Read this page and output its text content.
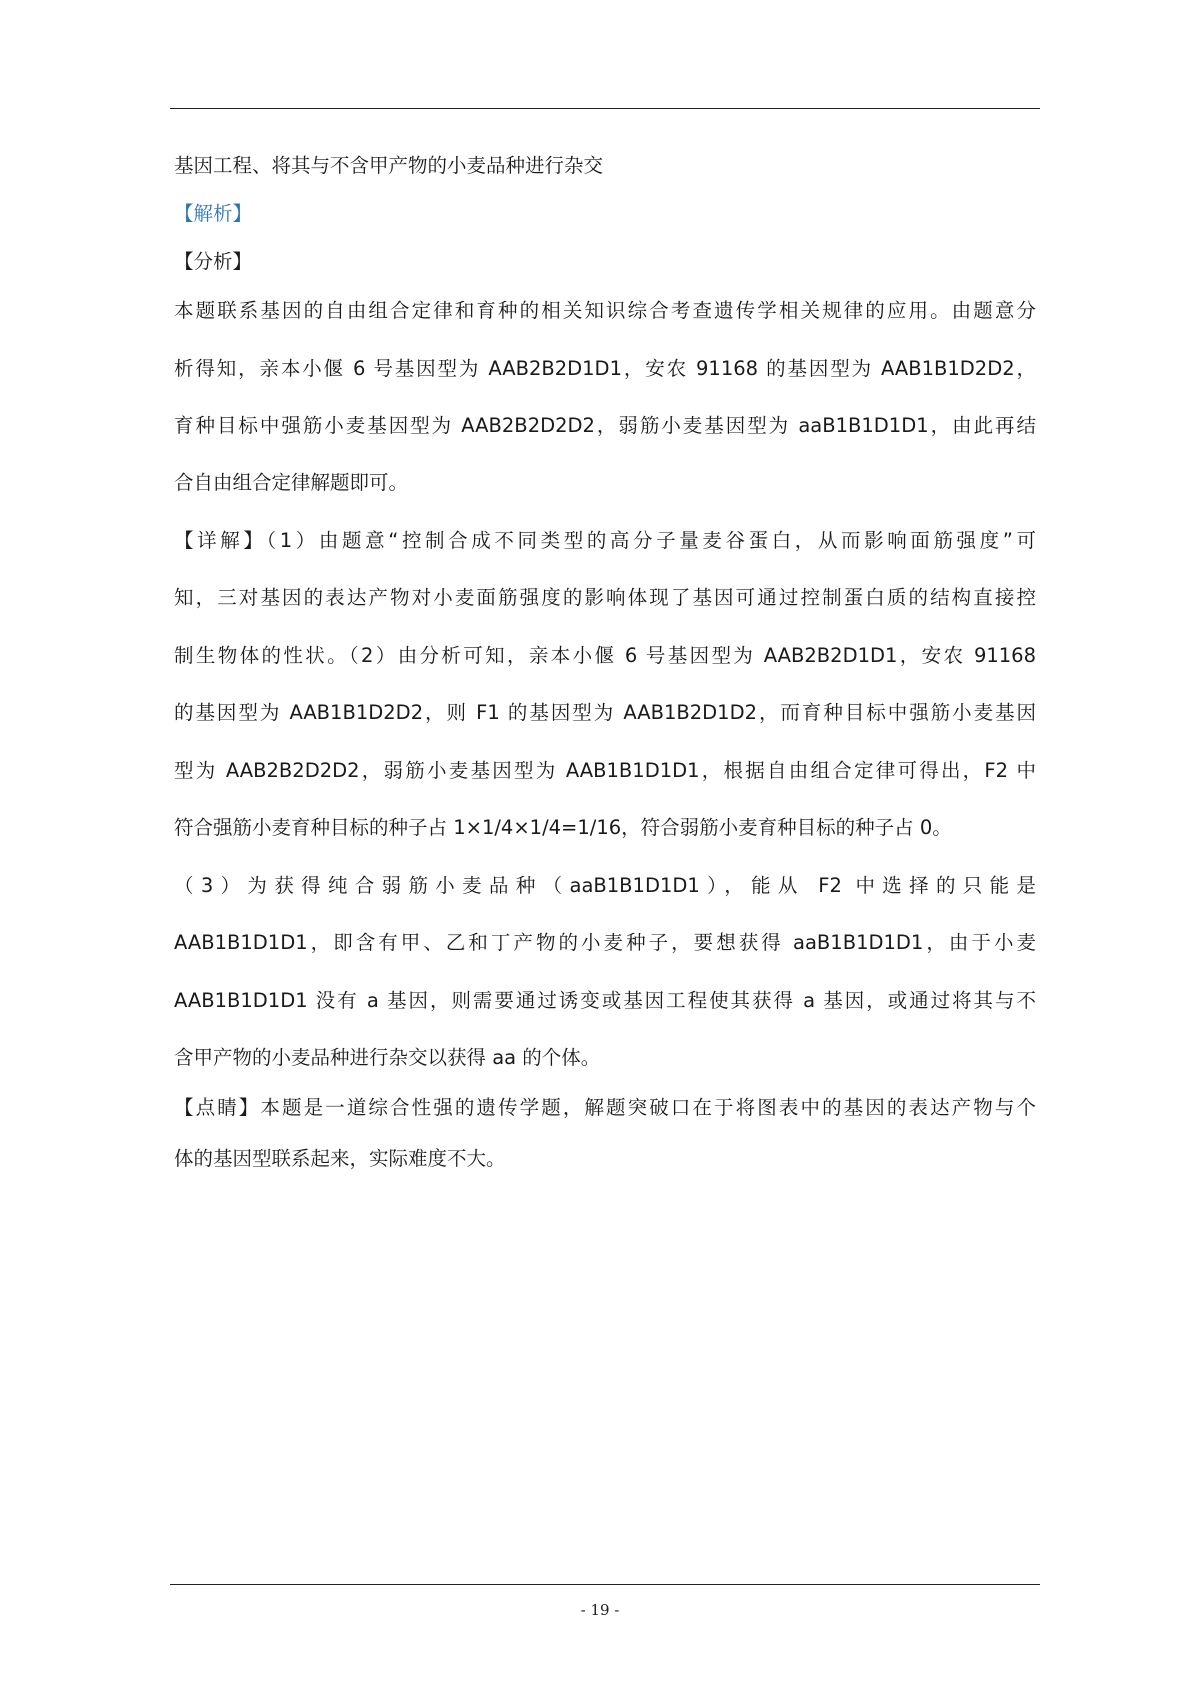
基因工程、将其与不含甲产物的小麦品种进行杂交
【解析】
【分析】
本题联系基因的自由组合定律和育种的相关知识综合考查遗传学相关规律的应用。由题意分
析得知，亲本小偃 6 号基因型为 AAB2B2D1D1，安农 91168 的基因型为 AAB1B1D2D2，
育种目标中强筋小麦基因型为 AAB2B2D2D2，弱筋小麦基因型为 aaB1B1D1D1，由此再结
合自由组合定律解题即可。
【详解】（1）由题意“控制合成不同类型的高分子量麦谷蛋白，从而影响面筋强度”可
知，三对基因的表达产物对小麦面筋强度的影响体现了基因可通过控制蛋白质的结构直接控
制生物体的性状。（2）由分析可知，亲本小偃 6 号基因型为 AAB2B2D1D1，安农 91168
的基因型为 AAB1B1D2D2，则 F1 的基因型为 AAB1B2D1D2，而育种目标中强筋小麦基因
型为 AAB2B2D2D2，弱筋小麦基因型为 AAB1B1D1D1，根据自由组合定律可得出，F2 中
符合强筋小麦育种目标的种子占 1×1/4×1/4=1/16，符合弱筋小麦育种目标的种子占 0。
（3）为获得纯合弱筋小麦品种（aaB1B1D1D1），能从 F2 中选择的只能是
AAB1B1D1D1，即含有甲、乙和丁产物的小麦种子，要想获得 aaB1B1D1D1，由于小麦
AAB1B1D1D1 没有 a 基因，则需要通过诱变或基因工程使其获得 a 基因，或通过将其与不
含甲产物的小麦品种进行杂交以获得 aa 的个体。
【点睛】本题是一道综合性强的遗传学题，解题突破口在于将图表中的基因的表达产物与个
体的基因型联系起来，实际难度不大。
- 19 -
